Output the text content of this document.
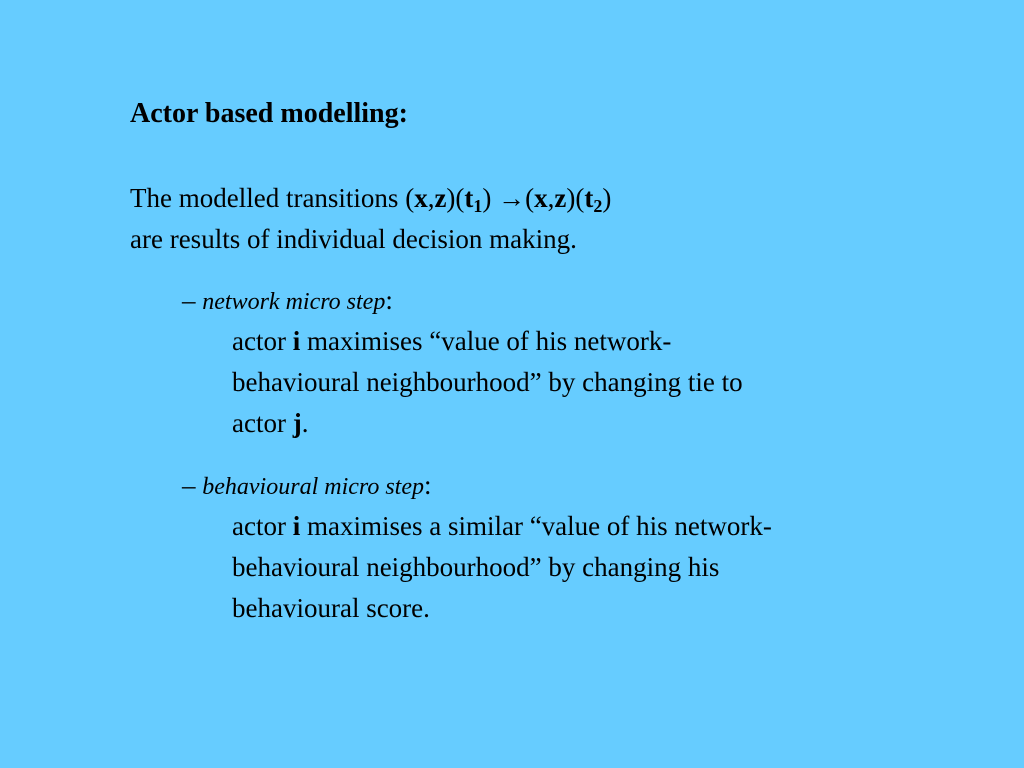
Actor based modelling:
The modelled transitions $(x,z)(t_1) \to(x,z)(t_2)$
are results of individual decision making.
– network micro step:
actor i maximises “value of his network-
behavioural neighbourhood” by changing tie to
actor j.
– behavioural micro step:
actor i maximises a similar “value of his network-
behavioural neighbourhood” by changing his
behavioural score.
